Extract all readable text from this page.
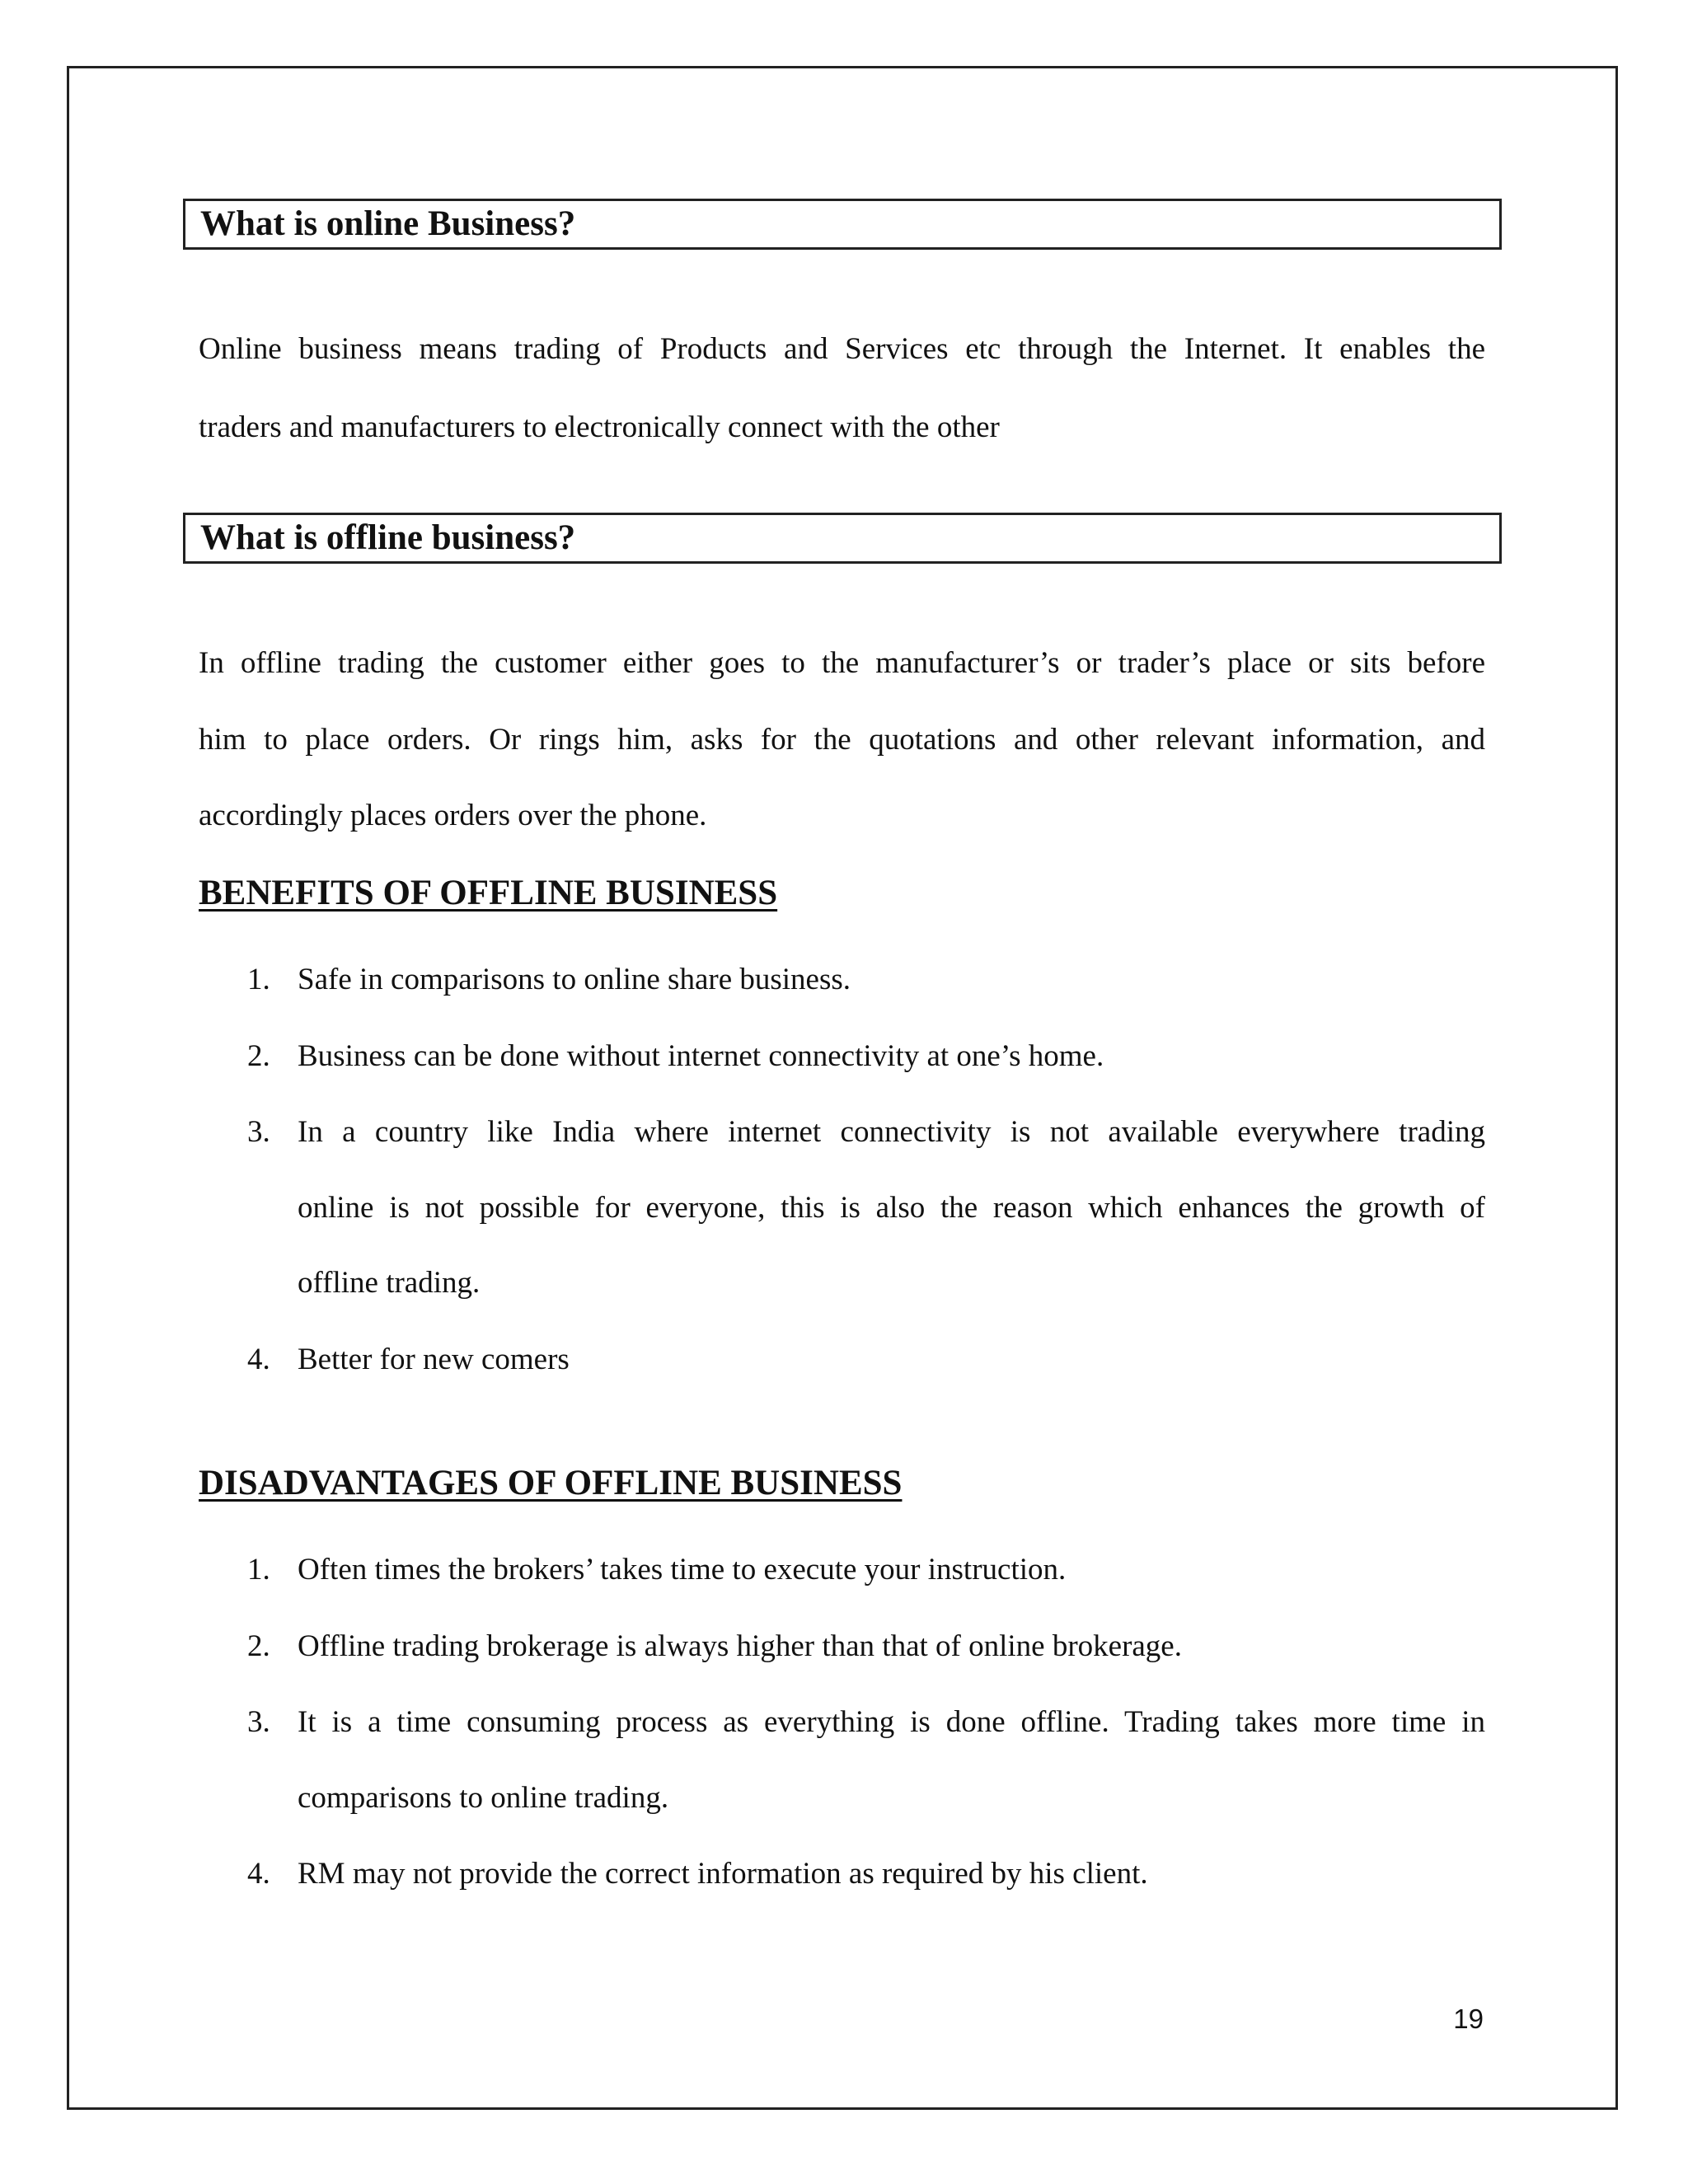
What is online Business?
Online business means trading of Products and Services etc through the Internet. It enables the
traders and manufacturers to electronically connect with the other
What is offline business?
In offline trading the customer either goes to the manufacturer’s or trader’s place or sits before
him to place orders. Or rings him, asks for the quotations and other relevant information, and
accordingly places orders over the phone.
BENEFITS OF OFFLINE BUSINESS
1. Safe in comparisons to online share business.
2. Business can be done without internet connectivity at one’s home.
3. In a country like India where internet connectivity is not available everywhere trading
online is not possible for everyone, this is also the reason which enhances the growth of
offline trading.
4. Better for new comers
DISADVANTAGES OF OFFLINE BUSINESS
1. Often times the brokers’ takes time to execute your instruction.
2. Offline trading brokerage is always higher than that of online brokerage.
3. It is a time consuming process as everything is done offline. Trading takes more time in
comparisons to online trading.
4. RM may not provide the correct information as required by his client.
19
